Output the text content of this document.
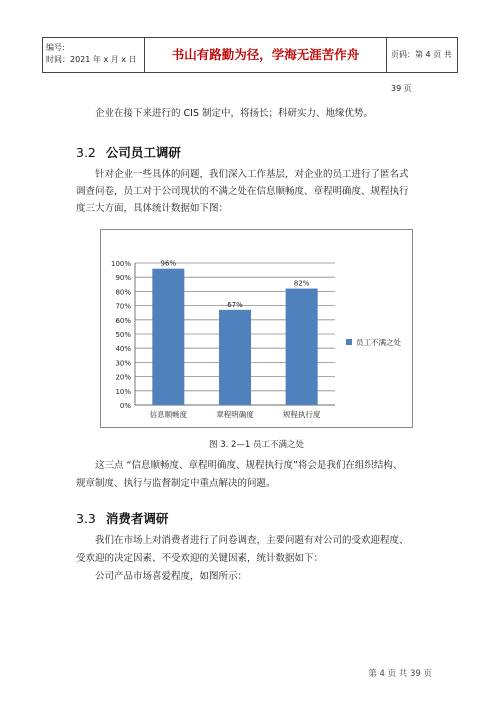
编号:
时间：2021 年 x 月 x 日	书山有路勤为径，学海无涯苦作舟	页码：第 4 页 共 39 页
企业在接下来进行的 CIS 制定中，将扬长；科研实力、地缘优势。
3.2 公司员工调研
针对企业一些具体的问题，我们深入工作基层，对企业的员工进行了匿名式
调查问卷，员工对于公司现状的不满之处在信息顺畅度、章程明确度、规程执行
度三大方面，具体统计数据如下图：
0%
10%
20%
30%
40%
50%
60%
70%
80%
90%
100%	96%
信息顺畅度
67%
章程明确度
82%
规程执行度
员工不满之处
图 3. 2—1 员工不满之处
这三点 “信息顺畅度、章程明确度、规程执行度”将会是我们在组织结构、
规章制度、执行与监督制定中重点解决的问题。
3.3 消费者调研
我们在市场上对消费者进行了问卷调查，主要问题有对公司的受欢迎程度、
受欢迎的决定因素、不受欢迎的关键因素，统计数据如下：
公司产品市场喜爱程度，如图所示：
第 4 页 共 39 页
